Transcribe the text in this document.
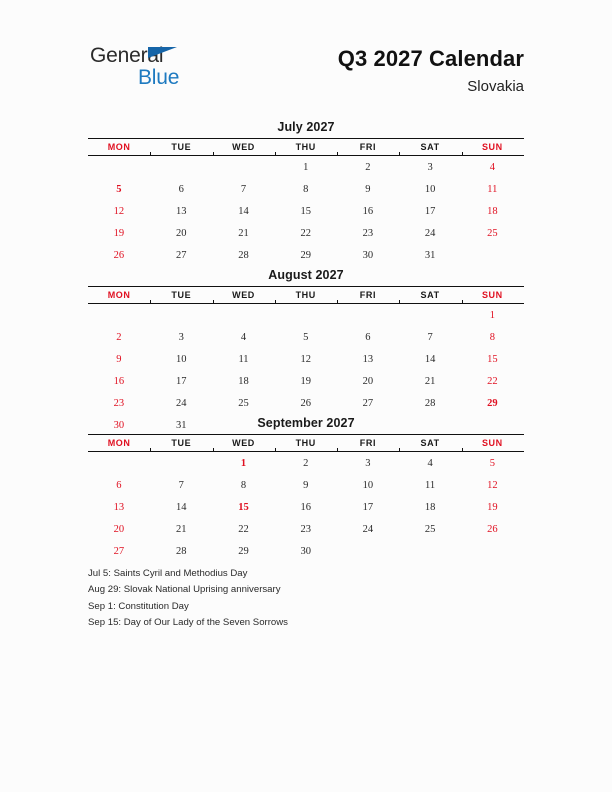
General
Blue
Q3 2027 Calendar
Slovakia
July 2027
MON	TUE	WED	THU	FRI	SAT	SUN
			1	2	3	4
5	6	7	8	9	10	11
12	13	14	15	16	17	18
19	20	21	22	23	24	25
26	27	28	29	30	31	
August 2027
MON	TUE	WED	THU	FRI	SAT	SUN
						1
2	3	4	5	6	7	8
9	10	11	12	13	14	15
16	17	18	19	20	21	22
23	24	25	26	27	28	29
30	31						September 2027
MON	TUE	WED	THU	FRI	SAT	SUN
		1	2	3	4	5
6	7	8	9	10	11	12
13	14	15	16	17	18	19
20	21	22	23	24	25	26
27	28	29	30			
Jul 5: Saints Cyril and Methodius Day
Aug 29: Slovak National Uprising anniversary
Sep 1: Constitution Day
Sep 15: Day of Our Lady of the Seven Sorrows
